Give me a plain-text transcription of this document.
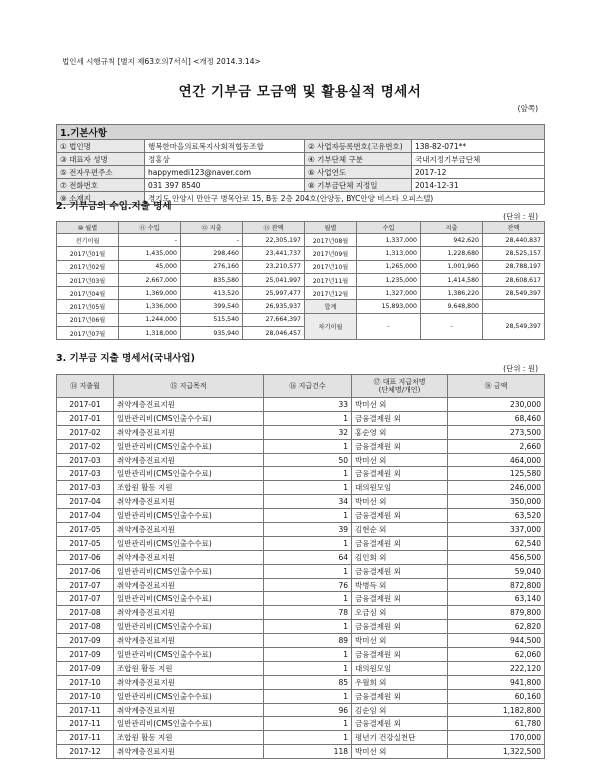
법인세 시행규칙 [별지 제63호의7서식] <개정 2014.3.14>
연간 기부금 모금액 및 활용실적 명세서
(앞쪽)
1.기본사항			
① 법인명	행복한마을의료복지사회적협동조합	② 사업자등록번호(고유번호)	138-82-071**
③ 대표자 성명	정홍상	④ 기부단체 구분	국내지정기부금단체
⑤ 전자우편주소	happymedi123@naver.com	⑥ 사업연도	2017-12
⑦ 전화번호	031 397 8540	⑧ 기부금단체 지정일	2014-12-31
⑨ 소재지	경기도 안양시 만안구 병목안로 15, B동 2층 204호(안양동, BYC안양 비스타 오피스텔)		
2. 기부금의 수입.지출 명세
(단위 : 원)
⑩ 월별	⑪ 수입	⑫ 지출	⑬ 잔액	월별	수입	지출	잔액
전기이월	-	-	22,305,197	2017년08월	1,337,000	942,620	28,440,837
2017년01월	1,435,000	298,460	23,441,737	2017년09월	1,313,000	1,228,680	28,525,157
2017년02월	45,000	276,160	23,210,577	2017년10월	1,265,000	1,001,960	28,788,197
2017년03월	2,667,000	835,580	25,041,997	2017년11월	1,235,000	1,414,580	28,608,617
2017년04월	1,369,000	413,520	25,997,477	2017년12월	1,327,000	1,386,220	28,549,397
2017년05월	1,336,000	399,540	26,935,937	합계	15,893,000	9,648,800	
2017년06월	1,244,000	515,540	27,664,397	차기이월	-	-	28,549,397
2017년07월	1,318,000	935,940	28,046,457				
3. 기부금 지출 명세서(국내사업)
(단위 : 원)
⑭ 지출월	⑮ 지급목적	⑯ 지급건수	⑰ 대표 지급처명
(단체명/개인)	⑱ 금액
2017-01	취약계층진료지원	33	박미선 외	230,000
2017-01	일반관리비(CMS인출수수료)	1	금융결제원 외	68,460
2017-02	취약계층진료지원	32	홍순영 외	273,500
2017-02	일반관리비(CMS인출수수료)	1	금융결제원 외	2,660
2017-03	취약계층진료지원	50	박미선 외	464,000
2017-03	일반관리비(CMS인출수수료)	1	금융결제원 외	125,580
2017-03	조합원 활동 지원	1	대의원모임	246,000
2017-04	취약계층진료지원	34	박미선 외	350,000
2017-04	일반관리비(CMS인출수수료)	1	금융결제원 외	63,520
2017-05	취약계층진료지원	39	김현순 외	337,000
2017-05	일반관리비(CMS인출수수료)	1	금융결제원 외	62,540
2017-06	취약계층진료지원	64	김인회 외	456,500
2017-06	일반관리비(CMS인출수수료)	1	금융결제원 외	59,040
2017-07	취약계층진료지원	76	박병득 외	872,800
2017-07	일반관리비(CMS인출수수료)	1	금융결제원 외	63,140
2017-08	취약계층진료지원	78	오금심 외	879,800
2017-08	일반관리비(CMS인출수수료)	1	금융결제원 외	62,820
2017-09	취약계층진료지원	89	박미선 외	944,500
2017-09	일반관리비(CMS인출수수료)	1	금융결제원 외	62,060
2017-09	조합원 활동 지원	1	대의원모임	222,120
2017-10	취약계층진료지원	85	우월희 외	941,800
2017-10	일반관리비(CMS인출수수료)	1	금융결제원 외	60,160
2017-11	취약계층진료지원	96	김순임 외	1,182,800
2017-11	일반관리비(CMS인출수수료)	1	금융결제원 외	61,780
2017-11	조합원 활동 지원	1	평년기 건강실천단	170,000
2017-12	취약계층진료지원	118	박미선 외	1,322,500
